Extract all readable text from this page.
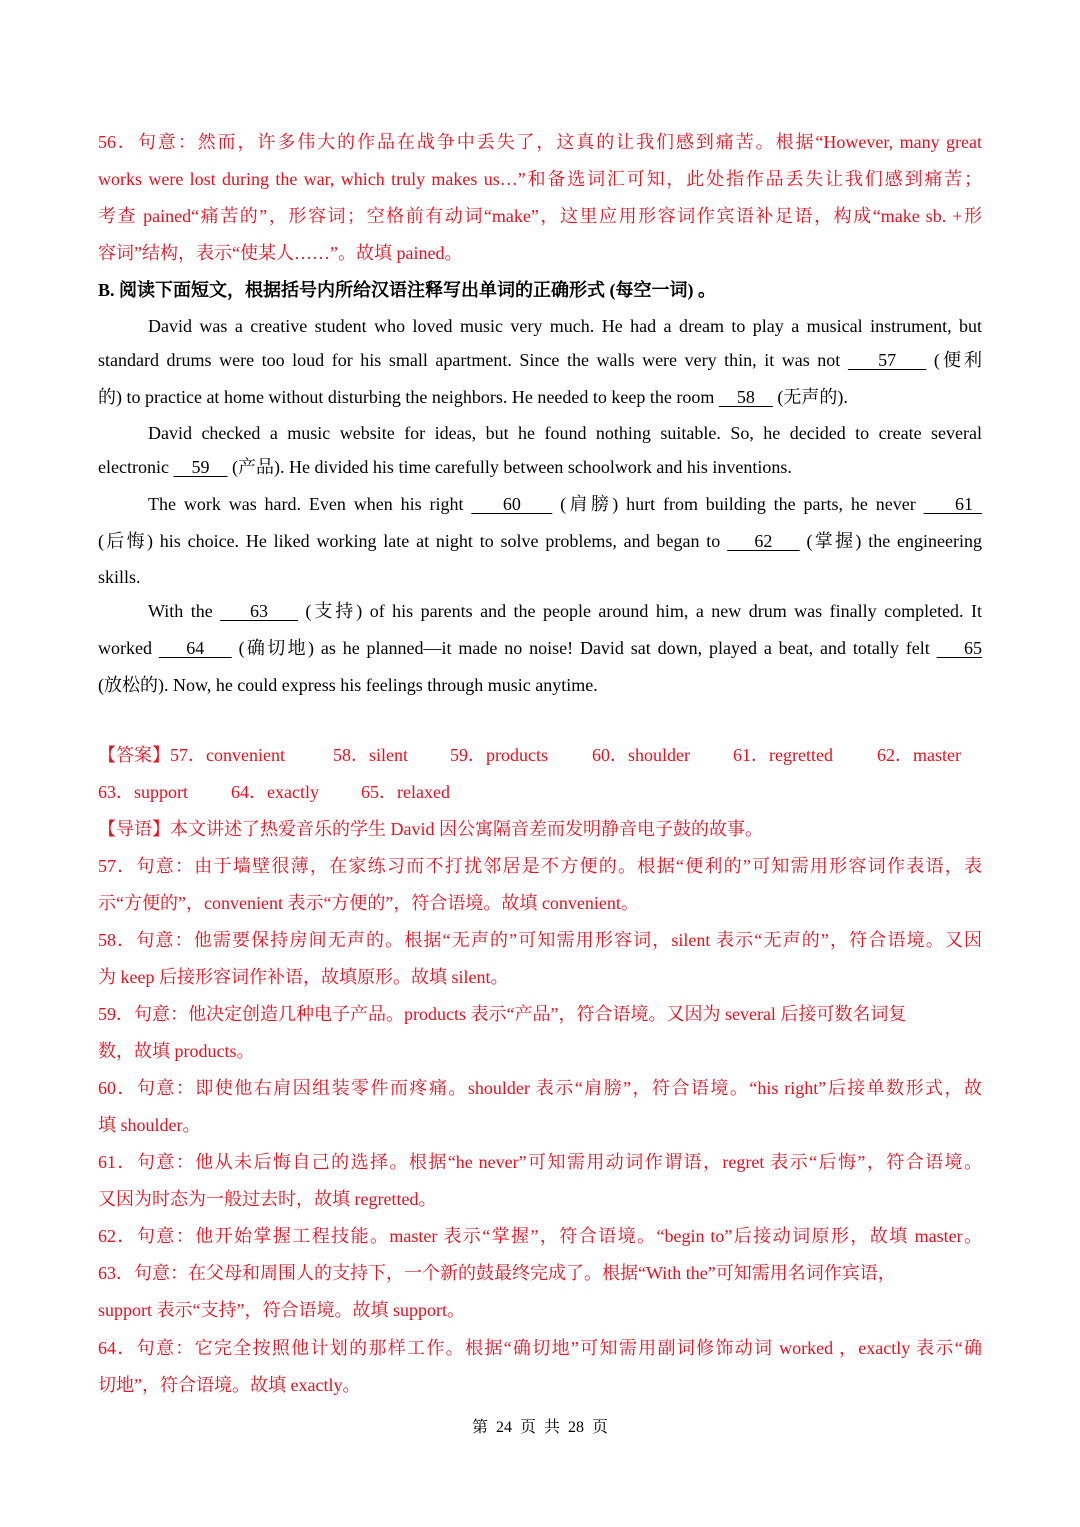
56．句意：然而，许多伟大的作品在战争中丢失了，这真的让我们感到痛苦。根据“However, many great
works were lost during the war, which truly makes us…”和备选词汇可知，此处指作品丢失让我们感到痛苦；
考查 pained“痛苦的”，形容词；空格前有动词“make”，这里应用形容词作宾语补足语，构成“make sb. +形
容词”结构，表示“使某人……”。故填 pained。
B. 阅读下面短文，根据括号内所给汉语注释写出单词的正确形式 (每空一词) 。
David was a creative student who loved music very much. He had a dream to play a musical instrument, but
standard drums were too loud for his small apartment. Since the walls were very thin, it was not     57     (便利
的) to practice at home without disturbing the neighbors. He needed to keep the room     58     (无声的).
David checked a music website for ideas, but he found nothing suitable. So, he decided to create several
electronic     59     (产品). He divided his time carefully between schoolwork and his inventions.
The work was hard. Even when his right     60     (肩膀) hurt from building the parts, he never     61
(后悔) his choice. He liked working late at night to solve problems, and began to     62     (掌握) the engineering
skills.
With the     63     (支持) of his parents and the people around him, a new drum was finally completed. It
worked     64     (确切地) as he planned—it made no noise! David sat down, played a beat, and totally felt     65
(放松的). Now, he could express his feelings through music anytime.
【答案】57．convenient	58．silent 59．products 60．shoulder 61．regretted 62．master
63．support 64．exactly 65．relaxed
【导语】本文讲述了热爱音乐的学生 David 因公寓隔音差而发明静音电子鼓的故事。
57．句意：由于墙壁很薄，在家练习而不打扰邻居是不方便的。根据“便利的”可知需用形容词作表语，表
示“方便的”，convenient 表示“方便的”，符合语境。故填 convenient。
58．句意：他需要保持房间无声的。根据“无声的”可知需用形容词，silent 表示“无声的”，符合语境。又因
为 keep 后接形容词作补语，故填原形。故填 silent。
59．句意：他决定创造几种电子产品。products 表示“产品”，符合语境。又因为 several 后接可数名词复
数，故填 products。
60．句意：即使他右肩因组装零件而疼痛。shoulder 表示“肩膀”，符合语境。“his right”后接单数形式，故
填 shoulder。
61．句意：他从未后悔自己的选择。根据“he never”可知需用动词作谓语，regret 表示“后悔”，符合语境。
又因为时态为一般过去时，故填 regretted。
62．句意：他开始掌握工程技能。master 表示“掌握”，符合语境。“begin to”后接动词原形，故填 master。
63．句意：在父母和周围人的支持下，一个新的鼓最终完成了。根据“With the”可知需用名词作宾语，
support 表示“支持”，符合语境。故填 support。
64．句意：它完全按照他计划的那样工作。根据“确切地”可知需用副词修饰动词 worked ，exactly 表示“确
切地”，符合语境。故填 exactly。
第 24 页 共 28 页
